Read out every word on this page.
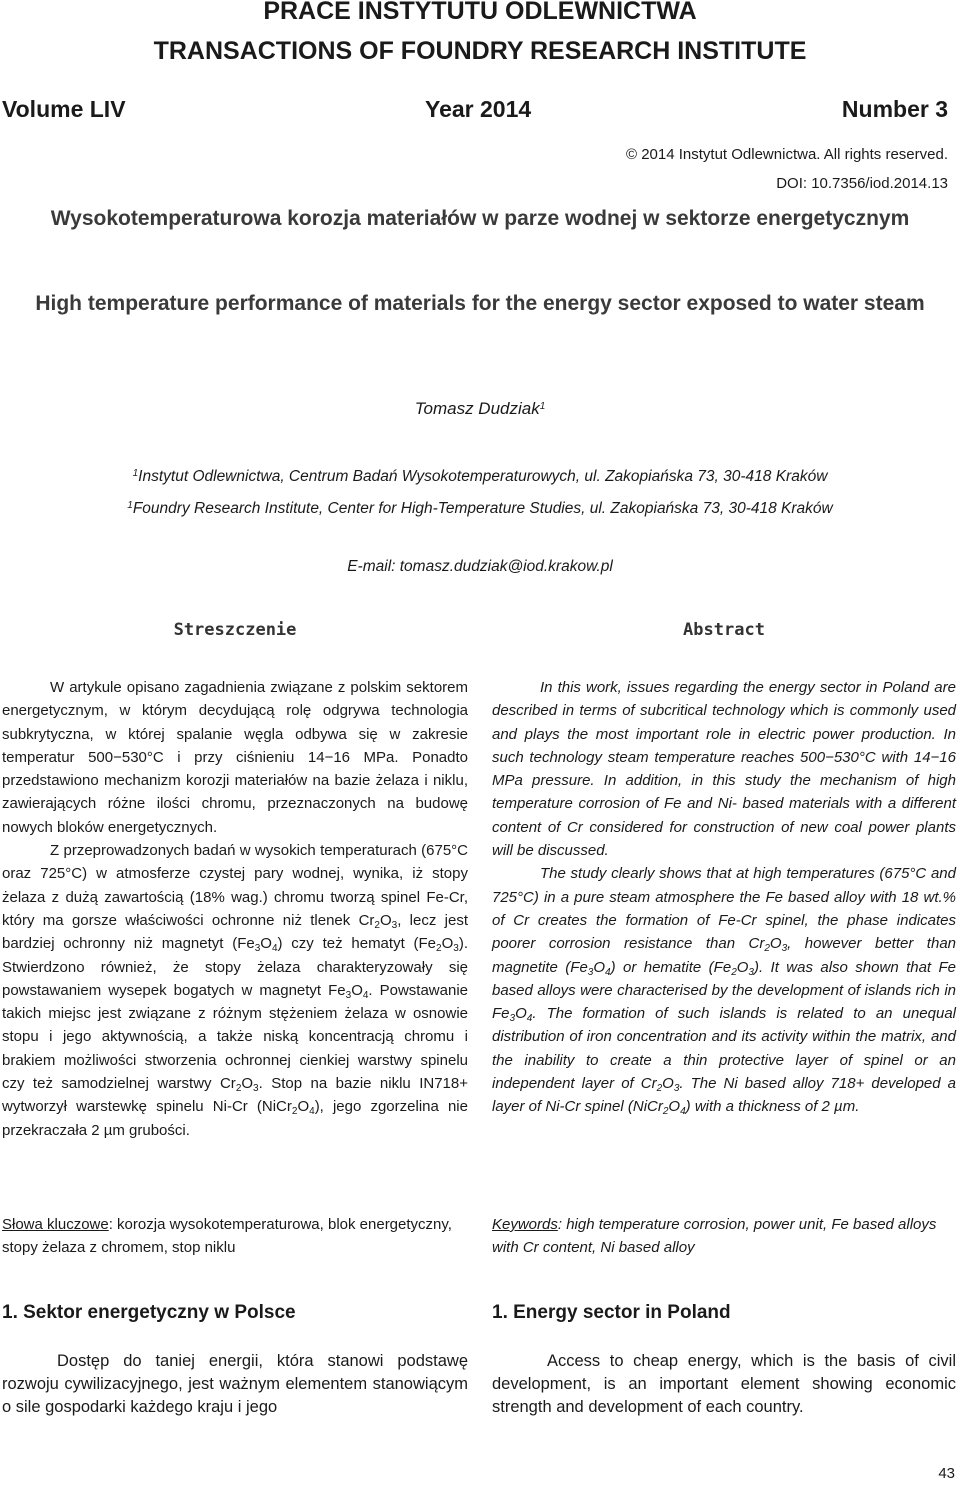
PRACE INSTYTUTU ODLEWNICTWA
TRANSACTIONS OF FOUNDRY RESEARCH INSTITUTE
Volume LIV	Year 2014	Number 3
© 2014 Instytut Odlewnictwa. All rights reserved.
DOI: 10.7356/iod.2014.13
Wysokotemperaturowa korozja materiałów w parze wodnej w sektorze energetycznym
High temperature performance of materials for the energy sector exposed to water steam
Tomasz Dudziak$^1$
$^1$Instytut Odlewnictwa, Centrum Badań Wysokotemperaturowych, ul. Zakopiańska 73, 30-418 Kraków
$^1$Foundry Research Institute, Center for High-Temperature Studies, ul. Zakopiańska 73, 30-418 Kraków
E-mail: tomasz.dudziak@iod.krakow.pl
Streszczenie	Abstract

W artykule opisano zagadnienia związane z polskim sektorem energetycznym, w którym decydującą rolę odgrywa technologia subkrytyczna, w której spalanie węgla odbywa się w zakresie temperatur 500−530°C i przy ciśnieniu 14−16 MPa. Ponadto przedstawiono mechanizm korozji materiałów na bazie żelaza i niklu, zawierających różne ilości chromu, przeznaczonych na budowę nowych bloków energetycznych.

Z przeprowadzonych badań w wysokich temperaturach (675°C oraz 725°C) w atmosferze czystej pary wodnej, wynika, iż stopy żelaza z dużą zawartością (18% wag.) chromu tworzą spinel Fe-Cr, który ma gorsze właściwości ochronne niż tlenek $Cr_2O_3$, lecz jest bardziej ochronny niż magnetyt $(Fe_3O_4)$ czy też hematyt $(Fe_2O_3)$. Stwierdzono również, że stopy żelaza charakteryzowały się powstawaniem wysepek bogatych w magnetyt $Fe_3O_4$. Powstawanie takich miejsc jest związane z różnym stężeniem żelaza w osnowie stopu i jego aktywnością, a także niską koncentracją chromu i brakiem możliwości stworzenia ochronnej cienkiej warstwy spinelu czy też samodzielnej warstwy $Cr_2O_3$. Stop na bazie niklu IN718+ wytworzył warstewkę spinelu Ni-Cr $(NiCr_2O_4)$, jego zgorzelina nie przekraczała 2 µm grubości.

Słowa kluczowe: korozja wysokotemperaturowa, blok energetyczny, stopy żelaza z chromem, stop niklu

In this work, issues regarding the energy sector in Poland are described in terms of subcritical technology which is commonly used and plays the most important role in electric power production. In such technology steam temperature reaches 500−530°C with 14−16 MPa pressure. In addition, in this study the mechanism of high temperature corrosion of Fe and Ni- based materials with a different content of Cr considered for construction of new coal power plants will be discussed.

The study clearly shows that at high temperatures (675°C and 725°C) in a pure steam atmosphere the Fe based alloy with 18 wt.% of Cr creates the formation of Fe-Cr spinel, the phase indicates poorer corrosion resistance than $Cr_2O_3$, however better than magnetite $(Fe_3O_4)$ or hematite $(Fe_2O_3)$. It was also shown that Fe based alloys were characterised by the development of islands rich in $Fe_3O_4$. The formation of such islands is related to an unequal distribution of iron concentration and its activity within the matrix, and the inability to create a thin protective layer of spinel or an independent layer of $Cr_2O_3$. The Ni based alloy 718+ developed a layer of Ni-Cr spinel $(NiCr_2O_4)$ with a thickness of 2 µm.

Keywords: high temperature corrosion, power unit, Fe based alloys with Cr content, Ni based alloy

1. Sektor energetyczny w Polsce	1. Energy sector in Poland

Dostęp do taniej energii, która stanowi podstawę rozwoju cywilizacyjnego, jest ważnym elementem stanowiącym o sile gospodarki każdego kraju i jego

Access to cheap energy, which is the basis of civil development, is an important element showing economic strength and development of each country.

43
